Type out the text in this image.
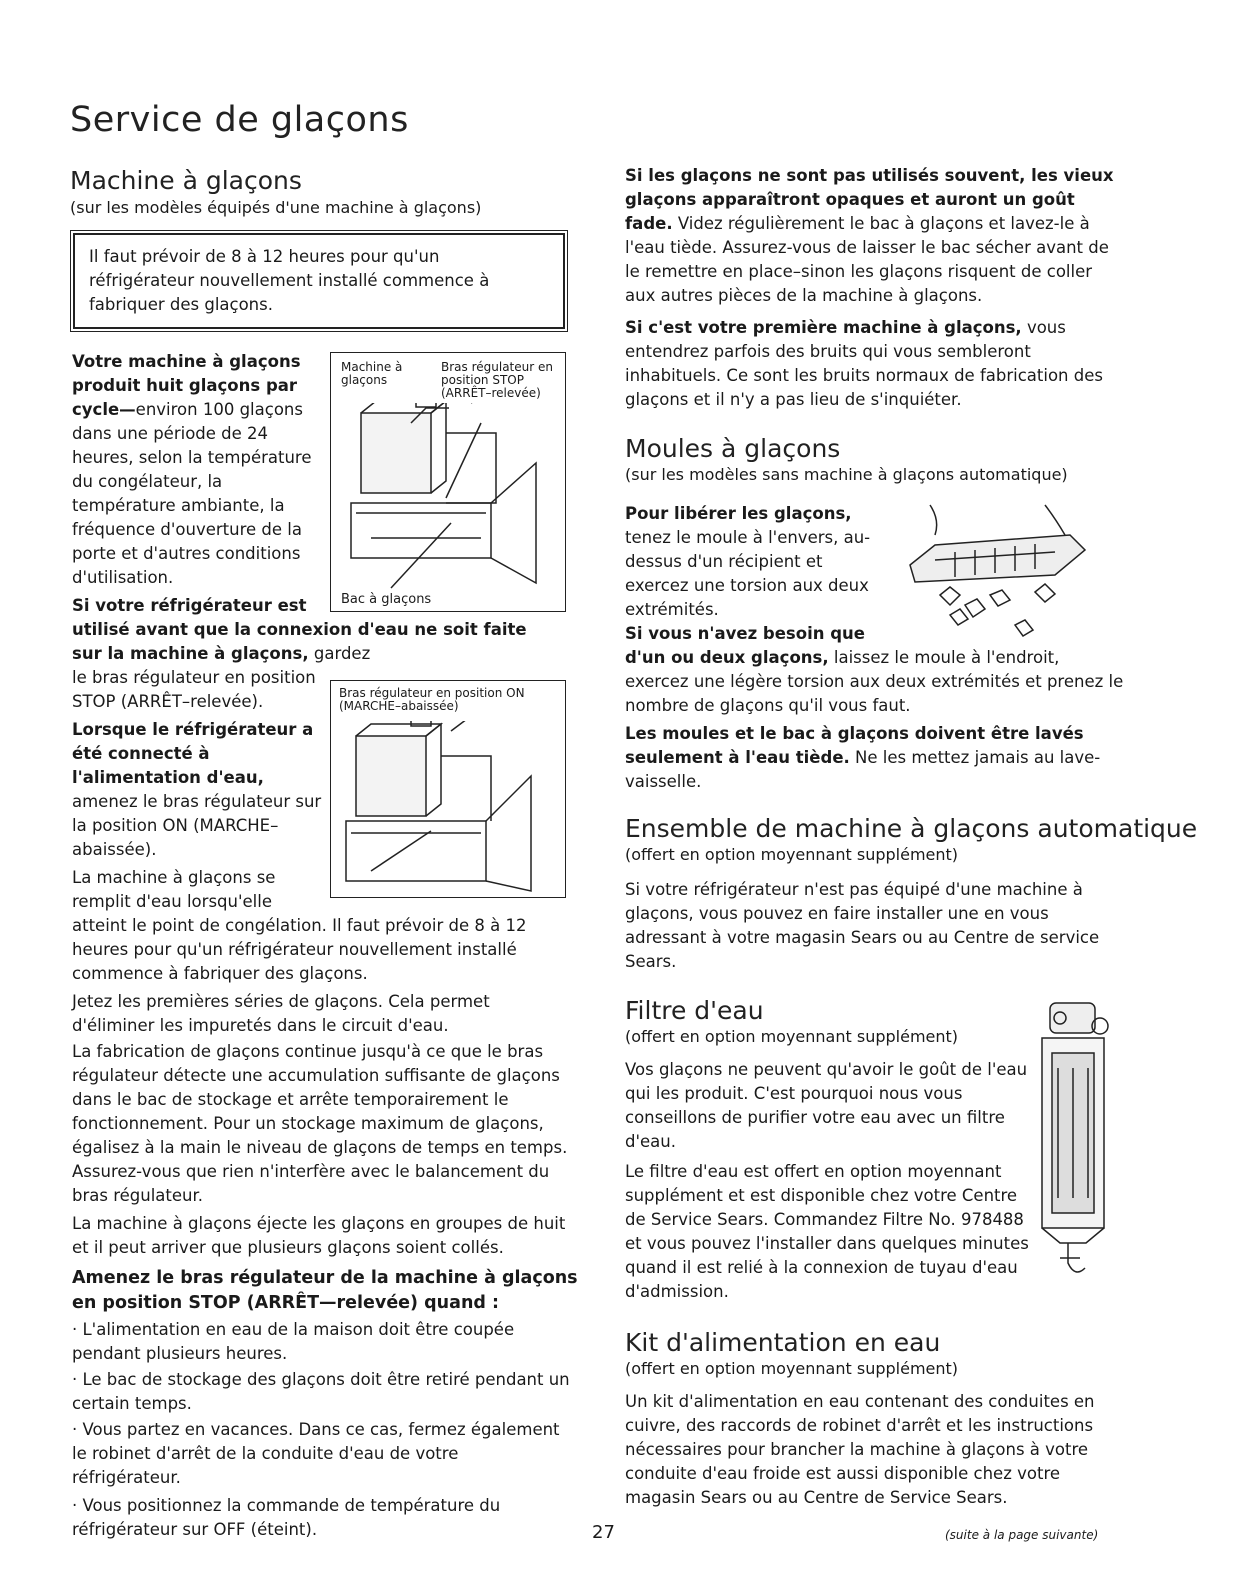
Service de glaçons
Machine à glaçons
(sur les modèles équipés d'une machine à glaçons)
Il faut prévoir de 8 à 12 heures pour qu'un réfrigérateur nouvellement installé commence à fabriquer des glaçons.

Votre machine à glaçons produit huit glaçons par cycle—environ 100 glaçons dans une période de 24 heures, selon la température du congélateur, la température ambiante, la fréquence d'ouverture de la porte et d'autres conditions d'utilisation.

Machine à glaçons
Bras régulateur en position STOP (ARRÊT–relevée)
Bac à glaçons

Si votre réfrigérateur est

utilisé avant que la connexion d'eau ne soit faite sur la machine à glaçons, gardez

le bras régulateur en position STOP (ARRÊT–relevée).

Lorsque le réfrigérateur a été connecté à l'alimentation d'eau,
amenez le bras régulateur sur la position ON (MARCHE–abaissée).

Bras régulateur en position ON (MARCHE–abaissée)

La machine à glaçons se remplit d'eau lorsqu'elle

atteint le point de congélation. Il faut prévoir de 8 à 12 heures pour qu'un réfrigérateur nouvellement installé commence à fabriquer des glaçons.

Jetez les premières séries de glaçons. Cela permet d'éliminer les impuretés dans le circuit d'eau.

La fabrication de glaçons continue jusqu'à ce que le bras régulateur détecte une accumulation suffisante de glaçons dans le bac de stockage et arrête temporairement le fonctionnement. Pour un stockage maximum de glaçons, égalisez à la main le niveau de glaçons de temps en temps. Assurez-vous que rien n'interfère avec le balancement du bras régulateur.

La machine à glaçons éjecte les glaçons en groupes de huit et il peut arriver que plusieurs glaçons soient collés.

Amenez le bras régulateur de la machine à glaçons en position STOP (ARRÊT—relevée) quand :

· L'alimentation en eau de la maison doit être coupée pendant plusieurs heures.

· Le bac de stockage des glaçons doit être retiré pendant un certain temps.

· Vous partez en vacances. Dans ce cas, fermez également le robinet d'arrêt de la conduite d'eau de votre réfrigérateur.

· Vous positionnez la commande de température du réfrigérateur sur OFF (éteint).	27

Si les glaçons ne sont pas utilisés souvent, les vieux glaçons apparaîtront opaques et auront un goût fade. Videz régulièrement le bac à glaçons et lavez-le à l'eau tiède. Assurez-vous de laisser le bac sécher avant de le remettre en place–sinon les glaçons risquent de coller aux autres pièces de la machine à glaçons.

Si c'est votre première machine à glaçons, vous entendrez parfois des bruits qui vous sembleront inhabituels. Ce sont les bruits normaux de fabrication des glaçons et il n'y a pas lieu de s'inquiéter.

Moules à glaçons
(sur les modèles sans machine à glaçons automatique)

Pour libérer les glaçons,
tenez le moule à l'envers, au-dessus d'un récipient et exercez une torsion aux deux extrémités.

Si vous n'avez besoin que

d'un ou deux glaçons, laissez le moule à l'endroit, exercez une légère torsion aux deux extrémités et prenez le nombre de glaçons qu'il vous faut.

Les moules et le bac à glaçons doivent être lavés seulement à l'eau tiède. Ne les mettez jamais au lave-vaisselle.

Ensemble de machine à glaçons automatique
(offert en option moyennant supplément)

Si votre réfrigérateur n'est pas équipé d'une machine à glaçons, vous pouvez en faire installer une en vous adressant à votre magasin Sears ou au Centre de service Sears.

Filtre d'eau
(offert en option moyennant supplément)

Vos glaçons ne peuvent qu'avoir le goût de l'eau qui les produit. C'est pourquoi nous vous conseillons de purifier votre eau avec un filtre d'eau.

Le filtre d'eau est offert en option moyennant supplément et est disponible chez votre Centre de Service Sears. Commandez Filtre No. 978488 et vous pouvez l'installer dans quelques minutes quand il est relié à la connexion de tuyau d'eau d'admission.

Kit d'alimentation en eau
(offert en option moyennant supplément)

Un kit d'alimentation en eau contenant des conduites en cuivre, des raccords de robinet d'arrêt et les instructions nécessaires pour brancher la machine à glaçons à votre conduite d'eau froide est aussi disponible chez votre magasin Sears ou au Centre de Service Sears.

(suite à la page suivante)
